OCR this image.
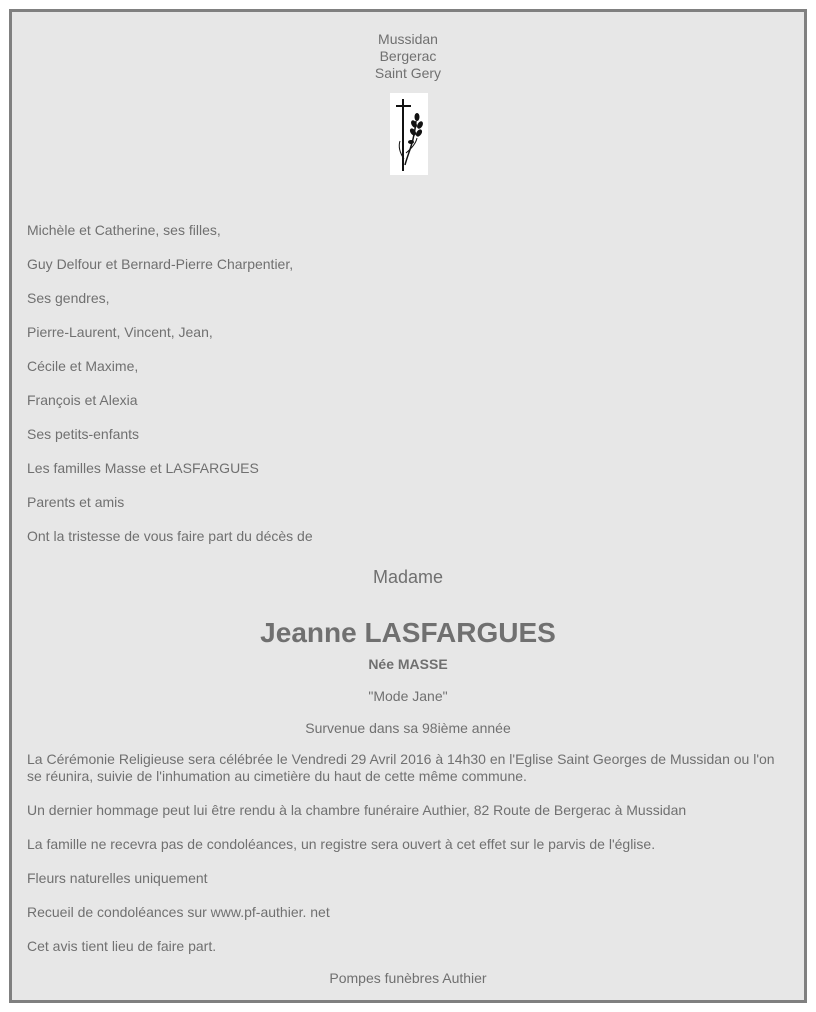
Mussidan
Bergerac
Saint Gery
Michèle et Catherine, ses filles,
Guy Delfour et Bernard-Pierre Charpentier,
Ses gendres,
Pierre-Laurent, Vincent, Jean,
Cécile et Maxime,
François et Alexia
Ses petits-enfants
Les familles Masse et LASFARGUES
Parents et amis
Ont la tristesse de vous faire part du décès de
Madame
Jeanne LASFARGUES
Née MASSE
"Mode Jane"
Survenue dans sa 98ième année

La Cérémonie Religieuse sera célébrée le Vendredi 29 Avril 2016 à 14h30 en l'Eglise Saint Georges de Mussidan ou l'on se réunira, suivie de l'inhumation au cimetière du haut de cette même commune.

Un dernier hommage peut lui être rendu à la chambre funéraire Authier, 82 Route de Bergerac à Mussidan

La famille ne recevra pas de condoléances, un registre sera ouvert à cet effet sur le parvis de l'église.

Fleurs naturelles uniquement

Recueil de condoléances sur www.pf-authier. net

Cet avis tient lieu de faire part.

Pompes funèbres Authier
